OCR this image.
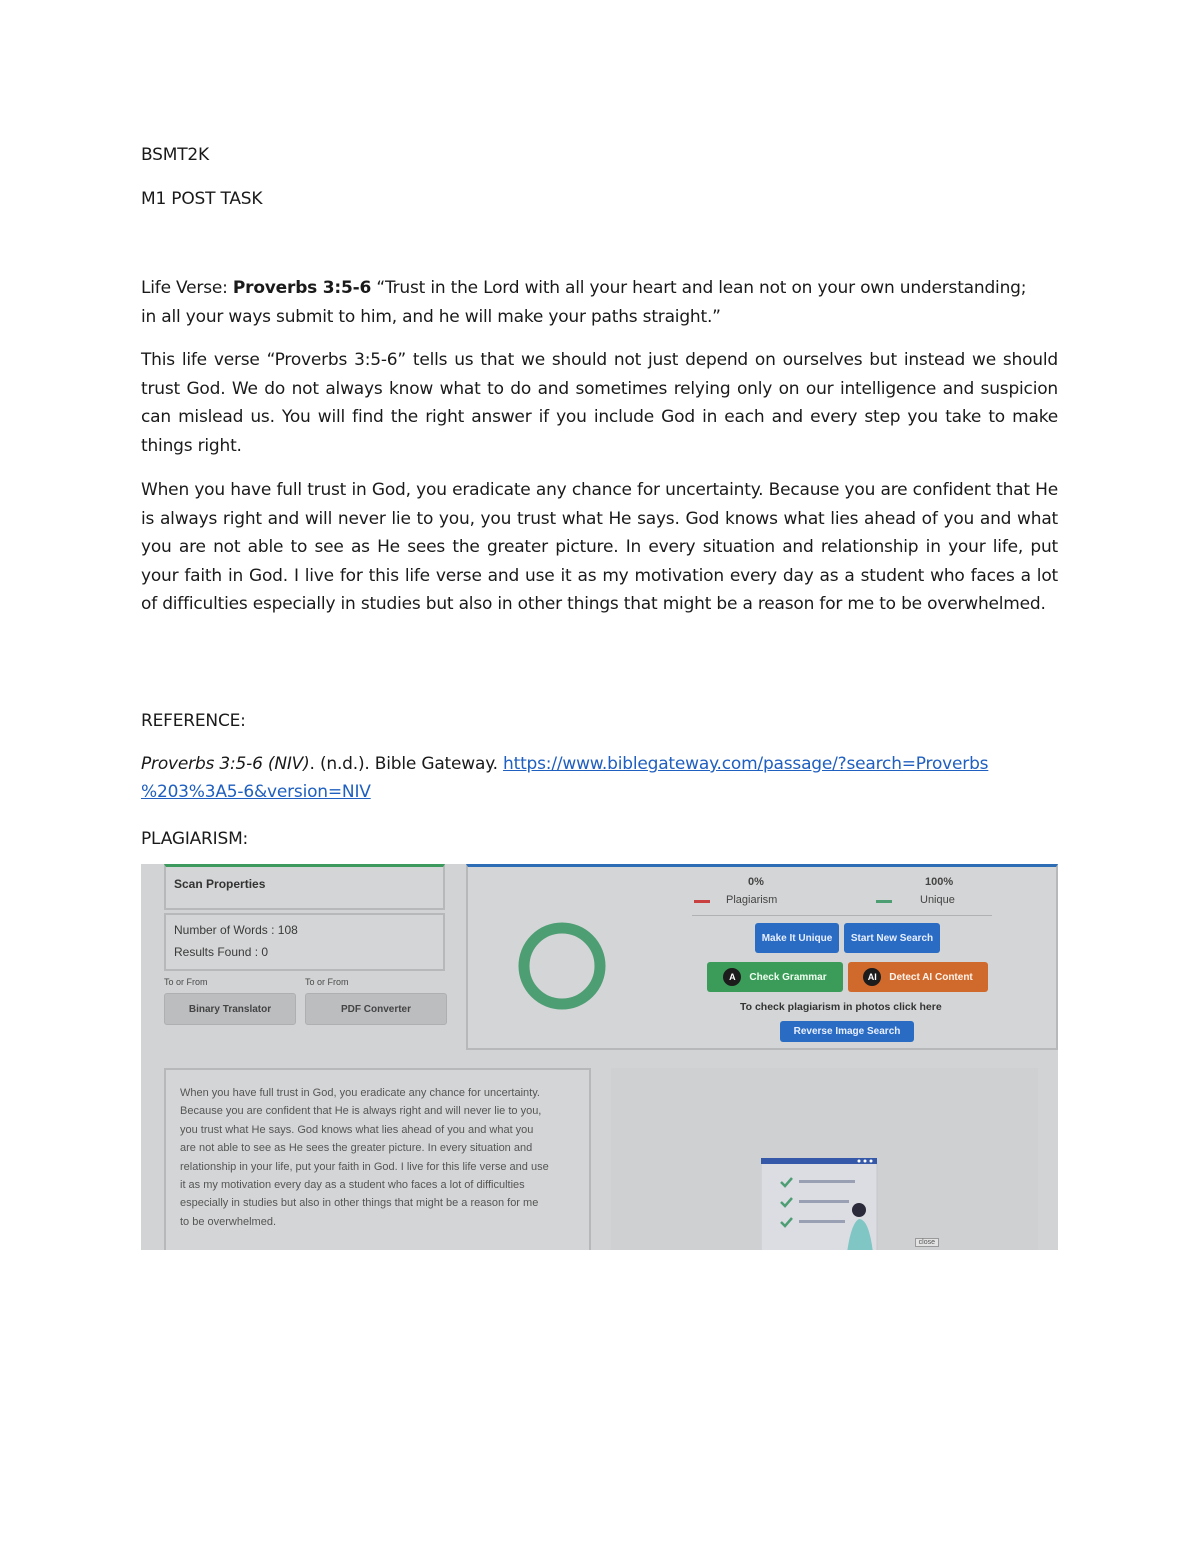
BSMT2K
M1 POST TASK
Life Verse: Proverbs 3:5-6 “Trust in the Lord with all your heart and lean not on your own understanding;
in all your ways submit to him, and he will make your paths straight.”
This life verse “Proverbs 3:5-6” tells us that we should not just depend on ourselves but instead we should trust God. We do not always know what to do and sometimes relying only on our intelligence and suspicion can mislead us. You will find the right answer if you include God in each and every step you take to make things right.
When you have full trust in God, you eradicate any chance for uncertainty. Because you are confident that He is always right and will never lie to you, you trust what He says. God knows what lies ahead of you and what you are not able to see as He sees the greater picture. In every situation and relationship in your life, put your faith in God. I live for this life verse and use it as my motivation every day as a student who faces a lot of difficulties especially in studies but also in other things that might be a reason for me to be overwhelmed.
REFERENCE:
Proverbs 3:5-6 (NIV). (n.d.). Bible Gateway. https://www.biblegateway.com/passage/?search=Proverbs
%203%3A5-6&version=NIV
PLAGIARISM:
Scan Properties
Number of Words : 108
Results Found : 0
To or From	To or From
Binary Translator	PDF Converter
0%	100%
Plagiarism	Unique
Make It Unique	Start New Search
A	Check Grammar	AI	Detect AI Content
To check plagiarism in photos click here
Reverse Image Search
When you have full trust in God, you eradicate any chance for uncertainty.
Because you are confident that He is always right and will never lie to you,
you trust what He says. God knows what lies ahead of you and what you
are not able to see as He sees the greater picture. In every situation and
relationship in your life, put your faith in God. I live for this life verse and use
it as my motivation every day as a student who faces a lot of difficulties
especially in studies but also in other things that might be a reason for me
to be overwhelmed.
close
